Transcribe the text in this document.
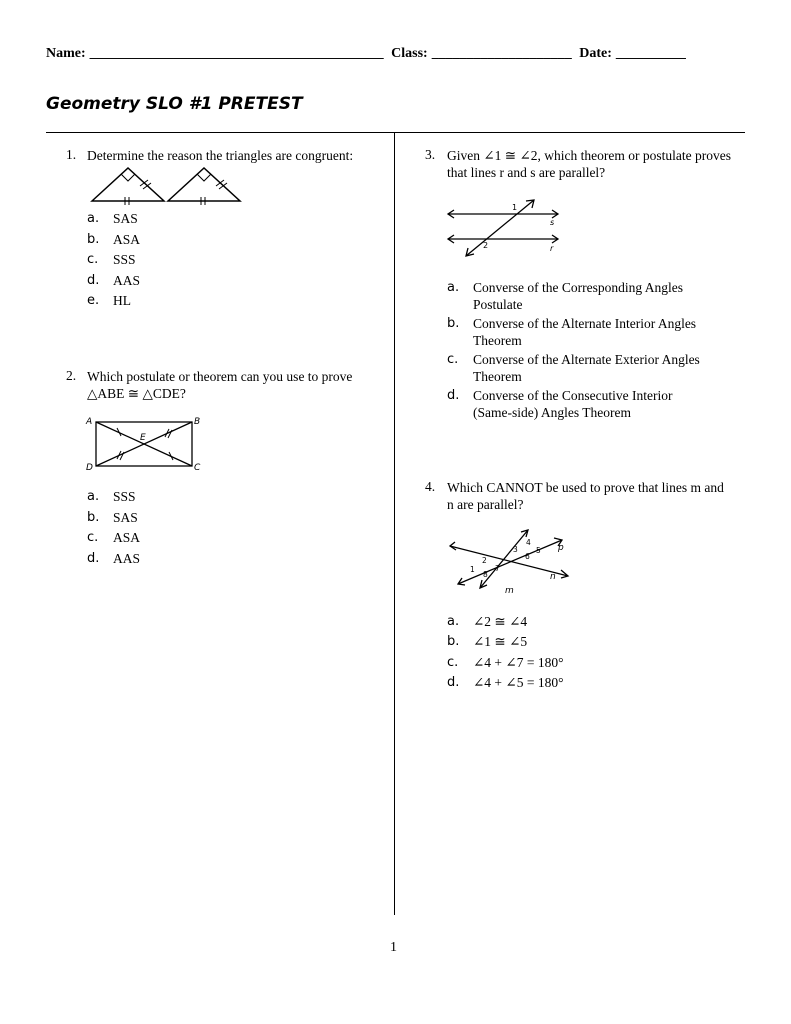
Name: __________________________________________ Class: ____________________ Date: __________
Geometry SLO #1 PRETEST
1. Determine the reason the triangles are congruent:
a. SAS
b. ASA
c. SSS
d. AAS
e. HL
2. Which postulate or theorem can you use to prove
△ABE ≅ △CDE?
A	B
C
D
E
a. SSS
b. SAS
c. ASA
d. AAS
3. Given ∠1 ≅ ∠2, which theorem or postulate proves
that lines r and s are parallel?
1
2
s
r
a. Converse of the Corresponding Angles
Postulate
b. Converse of the Alternate Interior Angles
Theorem
c. Converse of the Alternate Exterior Angles
Theorem
d. Converse of the Consecutive Interior
(Same-side) Angles Theorem
4. Which CANNOT be used to prove that lines m and
n are parallel?
1
2
3
4
5
6
7
8
p
n
m
a. ∠2 ≅ ∠4
b. ∠1 ≅ ∠5
c. ∠4 + ∠7 = 180°
d. ∠4 + ∠5 = 180°
1
